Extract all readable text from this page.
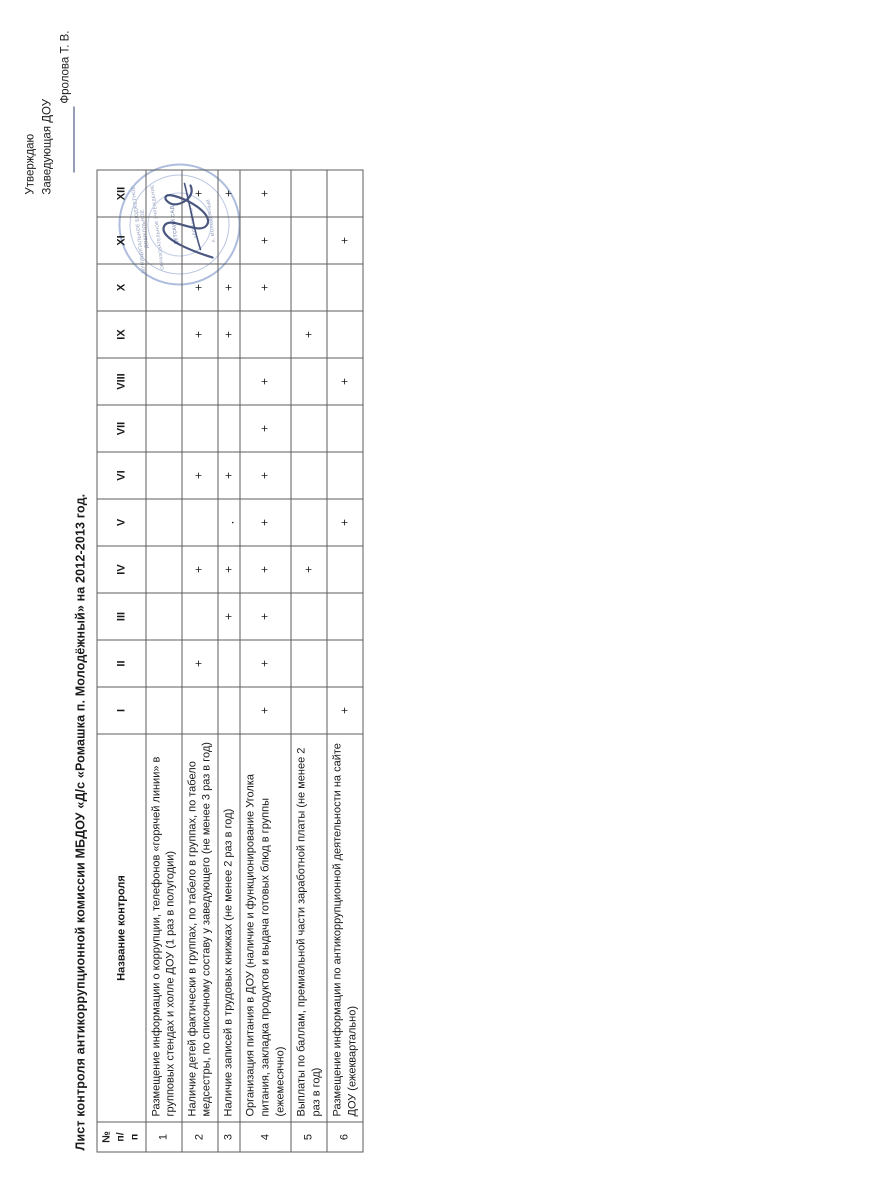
Утверждаю Заведующая ДОУ
Фролова Т. В.
МУНИЦИПАЛЬНОЕ БЮДЖЕТНОЕ ДОШКОЛЬНОЕ ОБРАЗОВАТЕЛЬНОЕ УЧРЕЖДЕНИЕ ДЕТСКИЙ САД	«РОМАШКА»	п. МОЛОДЁЖНЫЙ
Лист контроля антикоррупционной комиссии МБДОУ «Д/с «Ромашка п. Молодёжный» на 2012-2013 год. № п/ п	Название контроля	I	II	III	IV	V	VI	VII	VIII	IX	X	XI	XII
1	Размещение информации о коррупции, телефонов «горячей линии» в групповых стендах и холле ДОУ (1 раз в полугодии)												
2	Наличие детей фактически в группах, по табело в группах, по табело медсестры, по списочному составу у заведующего (не менее 3 раз в год)		+		+		+			+	+		+
3	Наличие записей в трудовых книжках (не менее 2 раз в год)			+	+	.	+			+	+		+
4	Организация питания в ДОУ (наличие и функционирование Уголка питания, закладка продуктов и выдача готовых блюд в группы (ежемесячно)	+	+	+	+	+	+	+	+		+	+	+
5	Выплаты по баллам, премиальной части заработной платы (не менее 2 раз в год)				+					+			
6	Размещение информации по антикоррупционной деятельности на сайте ДОУ (ежеквартально)	+				+			+			+	
